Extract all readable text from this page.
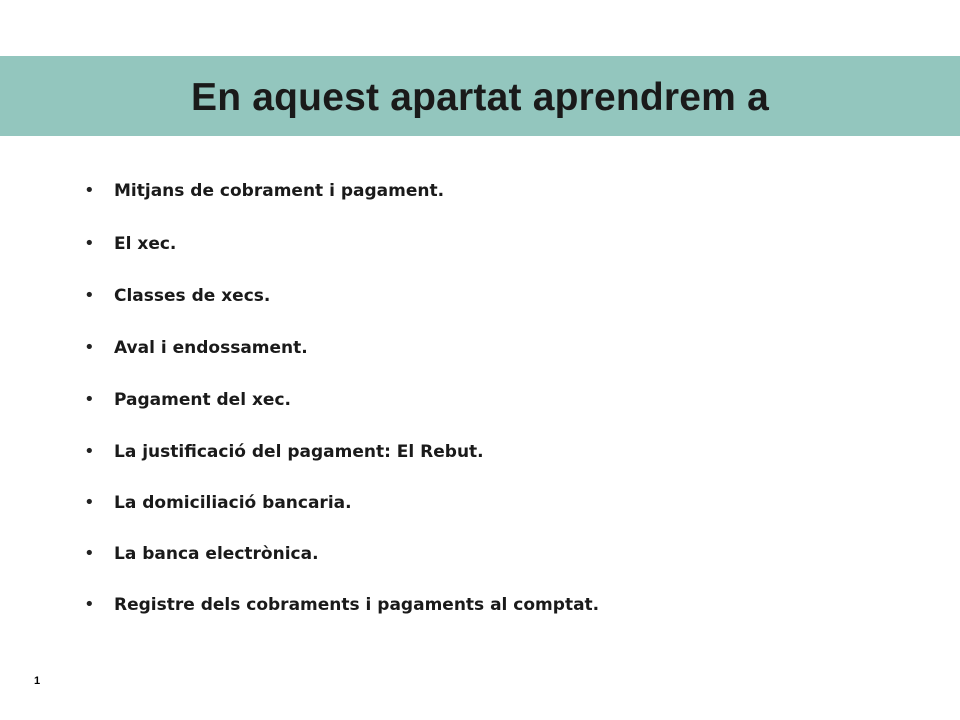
En aquest apartat aprendrem a
• Mitjans de cobrament i pagament.
• El xec.
• Classes de xecs.
• Aval i endossament.
• Pagament del xec.
• La justificació del pagament: El Rebut.
• La domiciliació bancaria.
• La banca electrònica.
• Registre dels cobraments i pagaments al comptat.
1
